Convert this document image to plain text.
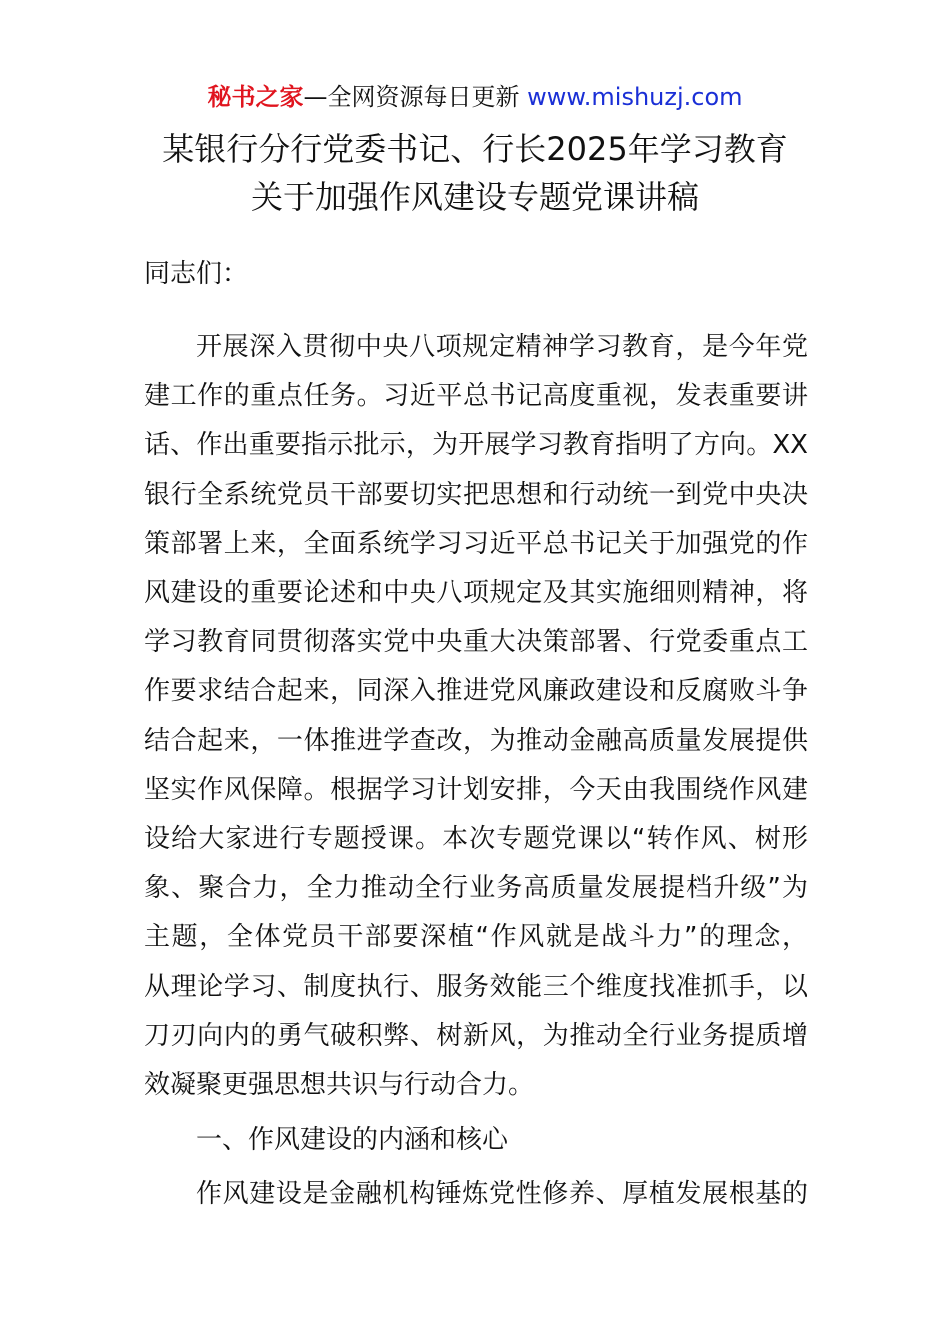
秘书之家—全网资源每日更新 www.mishuzj.com
某银行分行党委书记、行长2025年学习教育
关于加强作风建设专题党课讲稿
同志们：
开展深入贯彻中央八项规定精神学习教育，是今年党
建工作的重点任务。习近平总书记高度重视，发表重要讲
话、作出重要指示批示，为开展学习教育指明了方向。XX
银行全系统党员干部要切实把思想和行动统一到党中央决
策部署上来，全面系统学习习近平总书记关于加强党的作
风建设的重要论述和中央八项规定及其实施细则精神，将
学习教育同贯彻落实党中央重大决策部署、行党委重点工
作要求结合起来，同深入推进党风廉政建设和反腐败斗争
结合起来，一体推进学查改，为推动金融高质量发展提供
坚实作风保障。根据学习计划安排，今天由我围绕作风建
设给大家进行专题授课。本次专题党课以“转作风、树形
象、聚合力，全力推动全行业务高质量发展提档升级”为
主题，全体党员干部要深植“作风就是战斗力”的理念，
从理论学习、制度执行、服务效能三个维度找准抓手，以
刀刃向内的勇气破积弊、树新风，为推动全行业务提质增
效凝聚更强思想共识与行动合力。
一、作风建设的内涵和核心
作风建设是金融机构锤炼党性修养、厚植发展根基的
